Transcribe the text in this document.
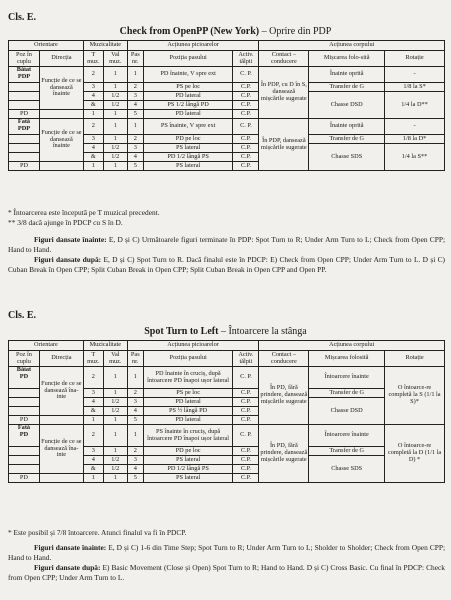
Cls. E.
Check from OpenPP (New York) – Oprire din PDP
Orientare		Muzicalitate		Acțiunea picioarelor			Acțiunea corpului		
Poz în cuplu	Direcția	T muz.	Val muz.	Pas nr.	Poziția pasului	Activ. tălpii	Contact – conducere	Mișcarea folo-sită	Rotație
Băiat
PDP	Funcție de ce se dansează înainte	2	1	1	PD înainte, V spre ext	C. P.	În PDP, cu D în S, dansează mișcările sugerate	Înainte oprită	-
		3	1	2	PS pe loc	C.P.		Transfer de G	1/8 la S*
		4	1/2	3	PD lateral	C.P.		Chasse DSD	1/4 la D**
		&	1/2	4	PS 1/2 lângă PD	C.P.			
PD		1	1	5	PD lateral	C.P.			
Fată
PDP	Funcție de ce se dansează înainte	2	1	1	PS înainte, V spre ext	C. P.	În PDP, dansează mișcările sugerate	Înainte oprită	-
		3	1	2	PD pe loc	C.P.		Transfer de G	1/8 la D*
		4	1/2	3	PS lateral	C.P.		Chasse SDS	1/4 la S**
		&	1/2	4	PD 1/2 lângă PS	C.P.			
PD		1	1	5	PS lateral	C.P.			
* Întoarcerea este începută pe T muzical precedent.
** 3/8 dacă ajunge în PDCP cu S în D.
Figuri dansate înainte: E, D și C) Următoarele figuri terminate în PDP: Spot Turn to R; Under Arm Turn to L; Check from Open CPP; Hand to Hand.
Figuri dansate după: E, D și C) Spot Turn to R. Dacă finalul este în PDCP: E) Check from Open CPP; Under Arm Turn to L. D și C) Cuban Break în Open CPP; Split Cuban Break in Open CPP; Split Cuban Break in Open CPP and Open PP.
Cls. E.
Spot Turn to Left – Întoarcere la stânga
Orientare		Muzicalitate		Acțiunea picioarelor			Acțiunea corpului		
Poz în cuplu	Direcția	T muz.	Val muz.	Pas nr.	Poziția pasului	Activ. tălpii	Contact – conducere	Mișcarea folosită	Rotație
Băiat
PD	Funcție de ce se dansează îna-inte	2	1	1	PD înainte în cruciș, după întoarcere PD înapoi ușor lateral	C. P.	În PD, fără prindere, dansează mișcările sugerate	Întoarcere înainte	O întoarce-re completă la S (1/1 la S)*
		3	1	2	PS pe loc	C.P.		Transfer de G	
		4	1/2	3	PD lateral	C.P.		Chasse DSD	
		&	1/2	4	PS ½ lângă PD	C.P.			
PD		1	1	5	PD lateral	C.P.			
Fată
PD	Funcție de ce se dansează îna-inte	2	1	1	PS înainte în cruciș, după întoarcere PD înapoi ușor lateral	C. P.	În PD, fără prindere, dansează mișcările sugerate	Întoarcere înainte	O întoarce-re completă la D (1/1 la D) *
		3	1	2	PD pe loc	C.P.		Transfer de G	
		4	1/2	3	PS lateral	C.P.		Chasse SDS	
		&	1/2	4	PD 1/2 lângă PS	C.P.			
PD		1	1	5	PS lateral	C.P.			
* Este posibil și 7/8 întoarcere. Atunci finalul va fi în PDCP.
Figuri dansate înainte: E, D și C) 1-6 din Time Step; Spot Turn to R; Under Arm Turn to L; Sholder to Sholder; Check from Open CPP; Hand to Hand.
Figuri dansate după: E) Basic Movement (Close și Open) Spot Turn to R; Hand to Hand. D și C) Cross Basic. Cu final în PDCP: Check from Open CPP; Under Arm Turn to L.
